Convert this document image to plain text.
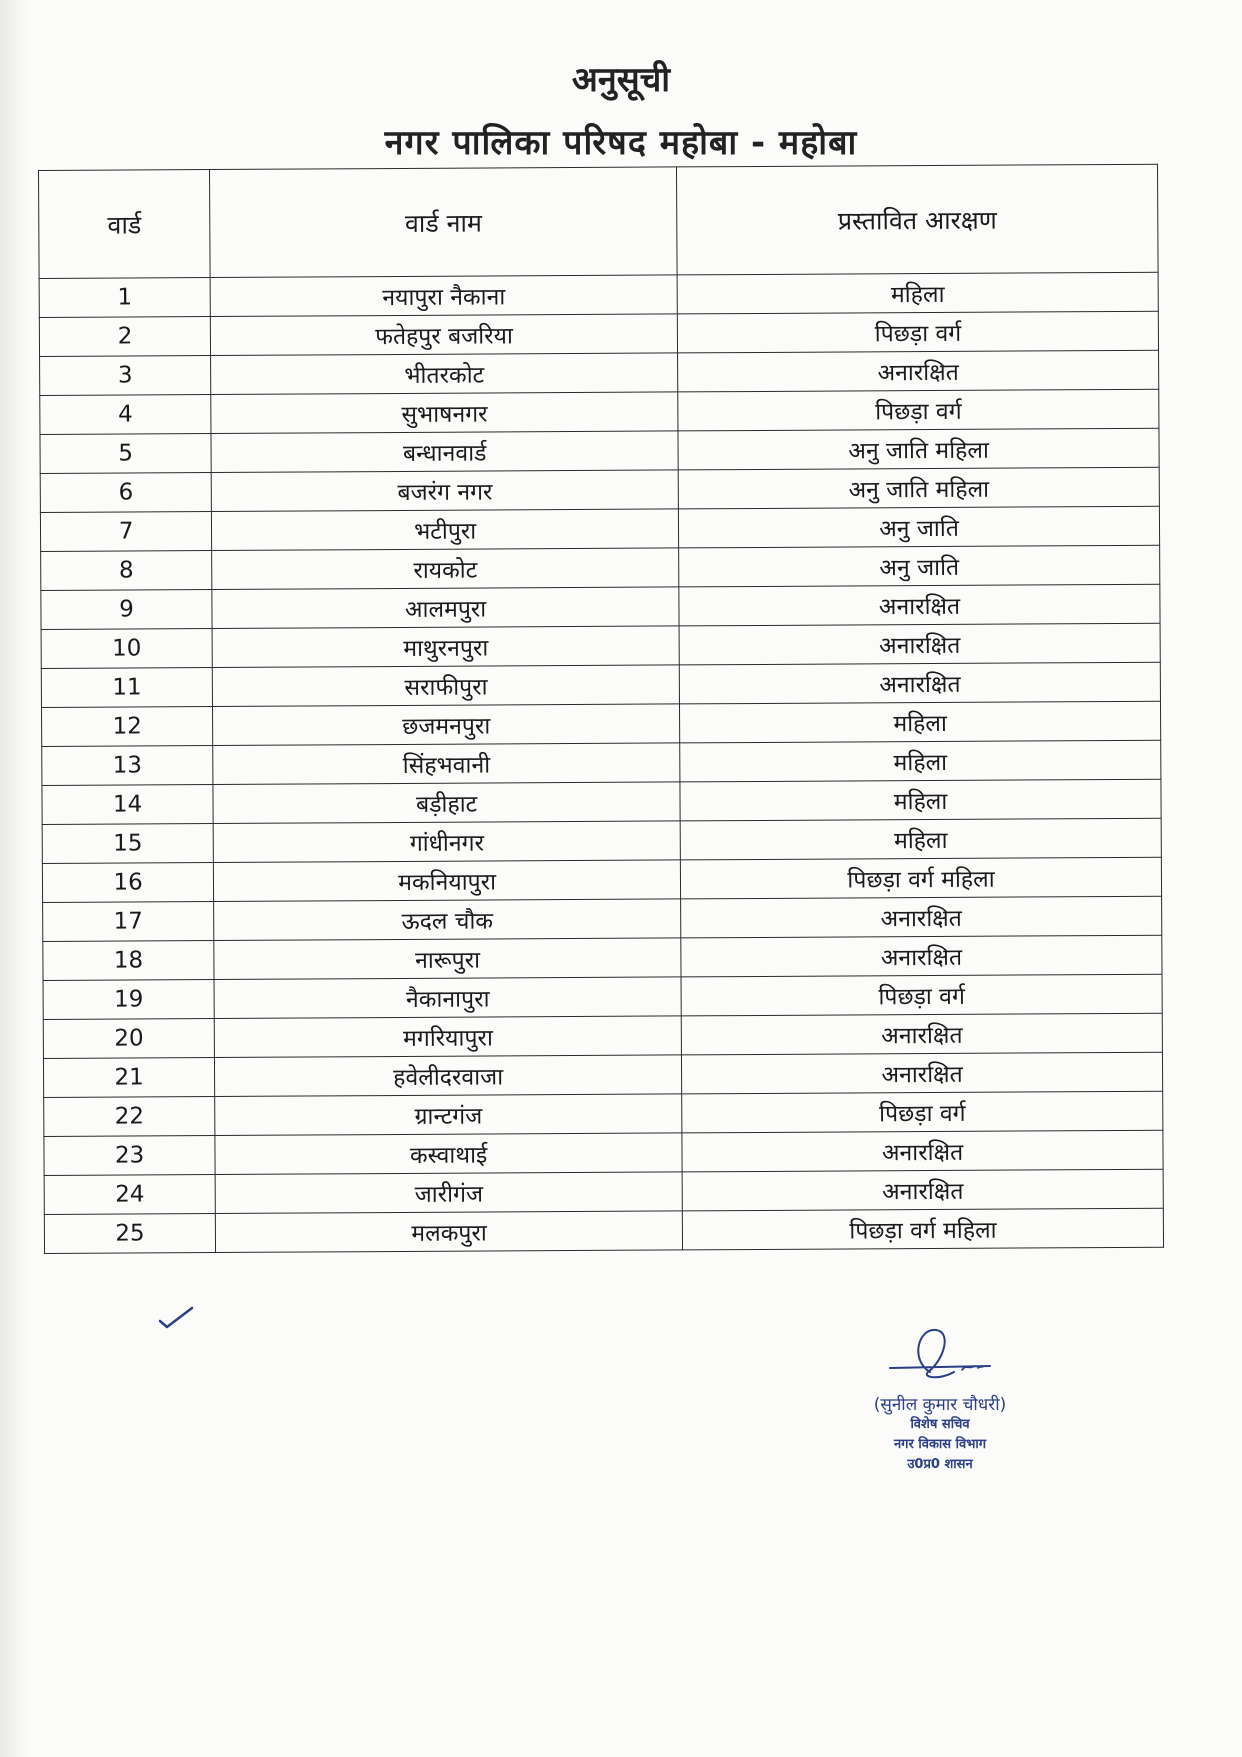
अनुसूची
नगर पालिका परिषद महोबा - महोबा
वार्ड	वार्ड नाम	प्रस्तावित आरक्षण
1	नयापुरा नैकाना	महिला
2	फतेहपुर बजरिया	पिछड़ा वर्ग
3	भीतरकोट	अनारक्षित
4	सुभाषनगर	पिछड़ा वर्ग
5	बन्धानवार्ड	अनु जाति महिला
6	बजरंग नगर	अनु जाति महिला
7	भटीपुरा	अनु जाति
8	रायकोट	अनु जाति
9	आलमपुरा	अनारक्षित
10	माथुरनपुरा	अनारक्षित
11	सराफीपुरा	अनारक्षित
12	छजमनपुरा	महिला
13	सिंहभवानी	महिला
14	बड़ीहाट	महिला
15	गांधीनगर	महिला
16	मकनियापुरा	पिछड़ा वर्ग महिला
17	ऊदल चौक	अनारक्षित
18	नारूपुरा	अनारक्षित
19	नैकानापुरा	पिछड़ा वर्ग
20	मगरियापुरा	अनारक्षित
21	हवेलीदरवाजा	अनारक्षित
22	ग्रान्टगंज	पिछड़ा वर्ग
23	कस्वाथाई	अनारक्षित
24	जारीगंज	अनारक्षित
25	मलकपुरा	पिछड़ा वर्ग महिला
(सुनील कुमार चौधरी)
विशेष सचिव
नगर विकास विभाग
उ0प्र0 शासन
